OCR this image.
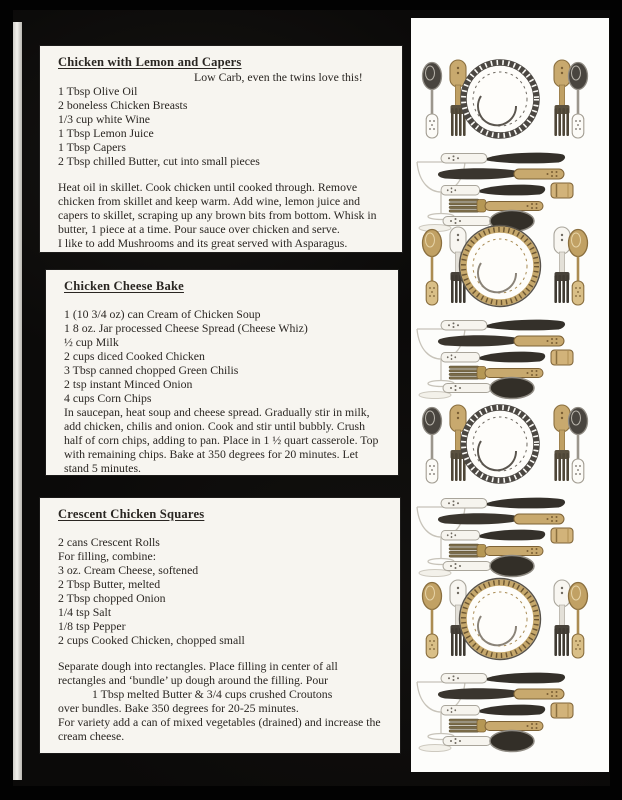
Chicken with Lemon and Capers
Low Carb, even the twins love this!
1 Tbsp Olive Oil
2 boneless Chicken Breasts
1/3 cup white Wine
1 Tbsp Lemon Juice
1 Tbsp Capers
2 Tbsp chilled Butter, cut into small pieces

Heat oil in skillet. Cook chicken until cooked through. Remove chicken from skillet and keep warm. Add wine, lemon juice and capers to skillet, scraping up any brown bits from bottom. Whisk in butter, 1 piece at a time. Pour sauce over chicken and serve.

I like to add Mushrooms and its great served with Asparagus.
Chicken Cheese Bake
1 (10 3/4 oz) can Cream of Chicken Soup
1 8 oz. Jar processed Cheese Spread (Cheese Whiz)
½ cup Milk
2 cups diced Cooked Chicken
3 Tbsp canned chopped Green Chilis
2 tsp instant Minced Onion
4 cups Corn Chips

In saucepan, heat soup and cheese spread. Gradually stir in milk, add chicken, chilis and onion. Cook and stir until bubbly. Crush half of corn chips, adding to pan. Place in 1 ½ quart casserole. Top with remaining chips. Bake at 350 degrees for 20 minutes. Let stand 5 minutes.

Crescent Chicken Squares
2 cans Crescent Rolls
For filling, combine:
3 oz. Cream Cheese, softened
2 Tbsp Butter, melted
2 Tbsp chopped Onion
1/4 tsp Salt
1/8 tsp Pepper
2 cups Cooked Chicken, chopped small

Separate dough into rectangles. Place filling in center of all rectangles and ‘bundle’ up dough around the filling. Pour

1 Tbsp melted Butter & 3/4 cups crushed Croutons
over bundles. Bake 350 degrees for 20-25 minutes.

For variety add a can of mixed vegetables (drained) and increase the cream cheese.
